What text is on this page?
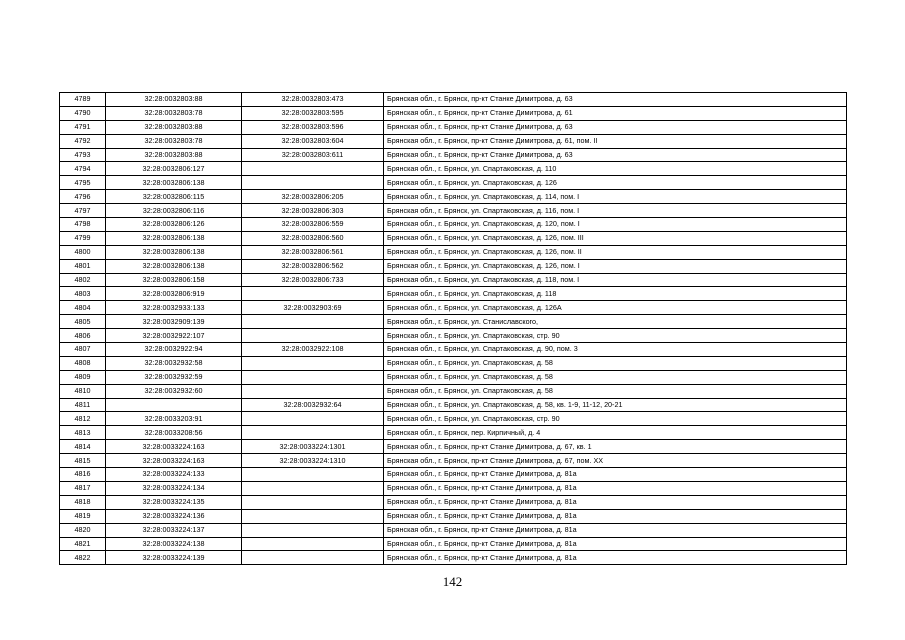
4789	32:28:0032803:88	32:28:0032803:473	Брянская обл., г. Брянск, пр-кт Станке Димитрова, д. 63
4790	32:28:0032803:78	32:28:0032803:595	Брянская обл., г. Брянск, пр-кт Станке Димитрова, д. 61
4791	32:28:0032803:88	32:28:0032803:596	Брянская обл., г. Брянск, пр-кт Станке Димитрова, д. 63
4792	32:28:0032803:78	32:28:0032803:604	Брянская обл., г. Брянск, пр-кт Станке Димитрова, д. 61, пом. II
4793	32:28:0032803:88	32:28:0032803:611	Брянская обл., г. Брянск, пр-кт Станке Димитрова, д. 63
4794	32:28:0032806:127		Брянская обл., г. Брянск, ул. Спартаковская, д. 110
4795	32:28:0032806:138		Брянская обл., г. Брянск, ул. Спартаковская, д. 126
4796	32:28:0032806:115	32:28:0032806:205	Брянская обл., г. Брянск, ул. Спартаковская, д. 114, пом. I
4797	32:28:0032806:116	32:28:0032806:303	Брянская обл., г. Брянск, ул. Спартаковская, д. 116, пом. I
4798	32:28:0032806:126	32:28:0032806:559	Брянская обл., г. Брянск, ул. Спартаковская, д. 120, пом. I
4799	32:28:0032806:138	32:28:0032806:560	Брянская обл., г. Брянск, ул. Спартаковская, д. 126, пом. III
4800	32:28:0032806:138	32:28:0032806:561	Брянская обл., г. Брянск, ул. Спартаковская, д. 126, пом. II
4801	32:28:0032806:138	32:28:0032806:562	Брянская обл., г. Брянск, ул. Спартаковская, д. 126, пом. I
4802	32:28:0032806:158	32:28:0032806:733	Брянская обл., г. Брянск, ул. Спартаковская, д. 118, пом. I
4803	32:28:0032806:919		Брянская обл., г. Брянск, ул. Спартаковская, д. 118
4804	32:28:0032933:133	32:28:0032903:69	Брянская обл., г. Брянск, ул. Спартаковская, д. 126А
4805	32:28:0032909:139		Брянская обл., г. Брянск, ул. Станиславского,
4806	32:28:0032922:107		Брянская обл., г. Брянск, ул. Спартаковская, стр. 90
4807	32:28:0032922:94	32:28:0032922:108	Брянская обл., г. Брянск, ул. Спартаковская, д. 90, пом. 3
4808	32:28:0032932:58		Брянская обл., г. Брянск, ул. Спартаковская, д. 58
4809	32:28:0032932:59		Брянская обл., г. Брянск, ул. Спартаковская, д. 58
4810	32:28:0032932:60		Брянская обл., г. Брянск, ул. Спартаковская, д. 58
4811		32:28:0032932:64	Брянская обл., г. Брянск, ул. Спартаковская, д. 58, кв. 1-9, 11-12, 20-21
4812	32:28:0033203:91		Брянская обл., г. Брянск, ул. Спартаковская, стр. 90
4813	32:28:0033208:56		Брянская обл., г. Брянск, пер. Кирпичный, д. 4
4814	32:28:0033224:163	32:28:0033224:1301	Брянская обл., г. Брянск, пр-кт Станке Димитрова, д. 67, кв. 1
4815	32:28:0033224:163	32:28:0033224:1310	Брянская обл., г. Брянск, пр-кт Станке Димитрова, д. 67, пом. XX
4816	32:28:0033224:133		Брянская обл., г. Брянск, пр-кт Станке Димитрова, д. 81а
4817	32:28:0033224:134		Брянская обл., г. Брянск, пр-кт Станке Димитрова, д. 81а
4818	32:28:0033224:135		Брянская обл., г. Брянск, пр-кт Станке Димитрова, д. 81а
4819	32:28:0033224:136		Брянская обл., г. Брянск, пр-кт Станке Димитрова, д. 81а
4820	32:28:0033224:137		Брянская обл., г. Брянск, пр-кт Станке Димитрова, д. 81а
4821	32:28:0033224:138		Брянская обл., г. Брянск, пр-кт Станке Димитрова, д. 81а
4822	32:28:0033224:139		Брянская обл., г. Брянск, пр-кт Станке Димитрова, д. 81а
142
